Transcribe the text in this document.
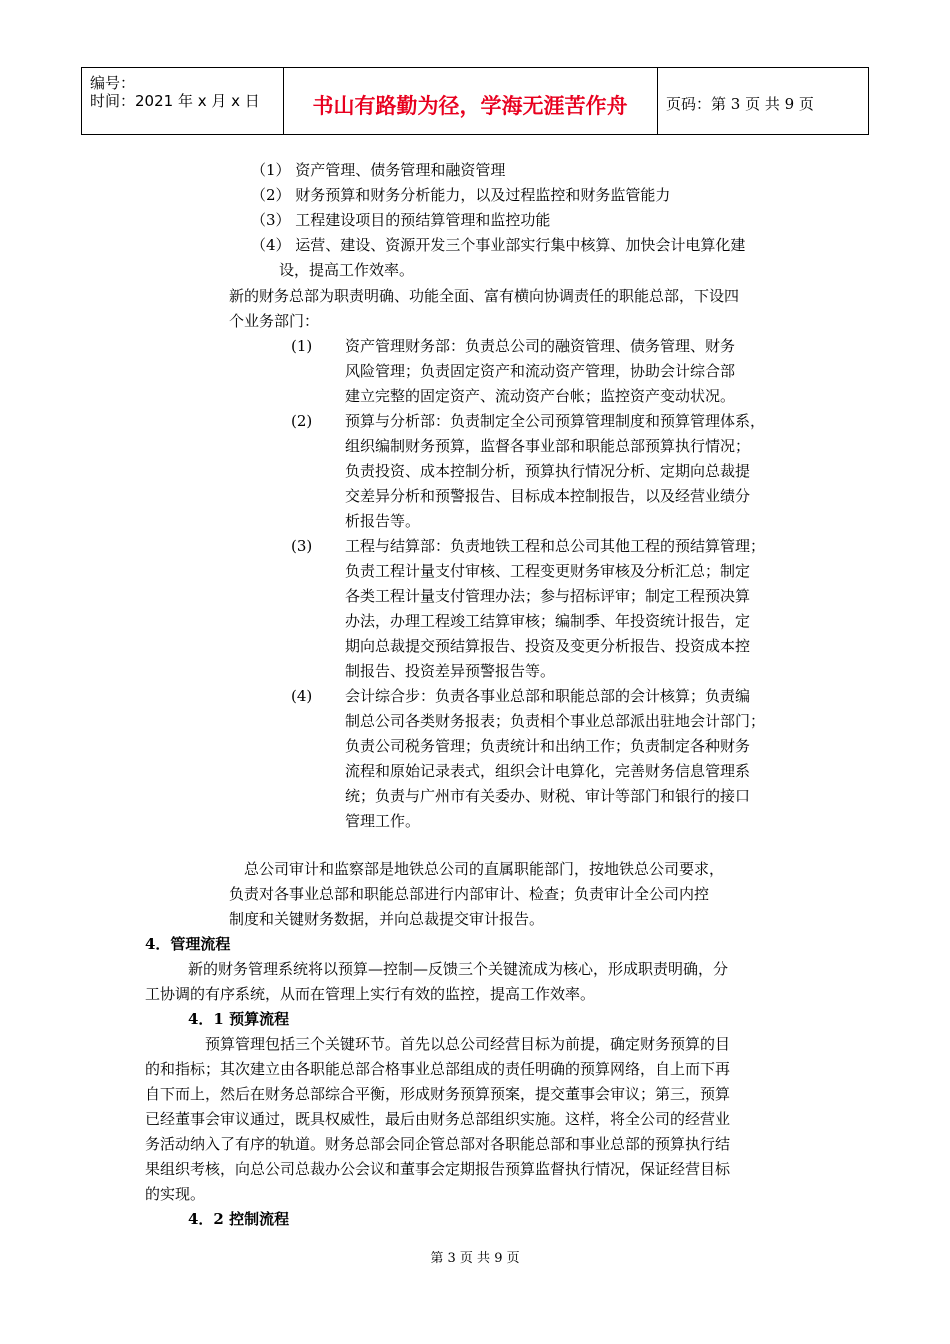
编号：
时间：2021 年 x 月 x 日	书山有路勤为径，学海无涯苦作舟	页码：第 3 页 共 9 页
（1） 资产管理、债务管理和融资管理
（2） 财务预算和财务分析能力，以及过程监控和财务监管能力
（3） 工程建设项目的预结算管理和监控功能
（4） 运营、建设、资源开发三个事业部实行集中核算、加快会计电算化建
设，提高工作效率。
新的财务总部为职责明确、功能全面、富有横向协调责任的职能总部，下设四
个业务部门：
(1) 资产管理财务部：负责总公司的融资管理、债务管理、财务
风险管理；负责固定资产和流动资产管理，协助会计综合部
建立完整的固定资产、流动资产台帐；监控资产变动状况。
(2) 预算与分析部：负责制定全公司预算管理制度和预算管理体系，
组织编制财务预算，监督各事业部和职能总部预算执行情况；
负责投资、成本控制分析，预算执行情况分析、定期向总裁提
交差异分析和预警报告、目标成本控制报告，以及经营业绩分
析报告等。
(3) 工程与结算部：负责地铁工程和总公司其他工程的预结算管理；
负责工程计量支付审核、工程变更财务审核及分析汇总；制定
各类工程计量支付管理办法；参与招标评审；制定工程预决算
办法，办理工程竣工结算审核；编制季、年投资统计报告，定
期向总裁提交预结算报告、投资及变更分析报告、投资成本控
制报告、投资差异预警报告等。
(4) 会计综合步：负责各事业总部和职能总部的会计核算；负责编
制总公司各类财务报表；负责相个事业总部派出驻地会计部门；
负责公司税务管理；负责统计和出纳工作；负责制定各种财务
流程和原始记录表式，组织会计电算化，完善财务信息管理系
统；负责与广州市有关委办、财税、审计等部门和银行的接口
管理工作。
总公司审计和监察部是地铁总公司的直属职能部门，按地铁总公司要求，
负责对各事业总部和职能总部进行内部审计、检查；负责审计全公司内控
制度和关键财务数据，并向总裁提交审计报告。
4．管理流程
新的财务管理系统将以预算—控制—反馈三个关键流成为核心，形成职责明确，分
工协调的有序系统，从而在管理上实行有效的监控，提高工作效率。
4．1 预算流程
预算管理包括三个关键环节。首先以总公司经营目标为前提，确定财务预算的目
的和指标；其次建立由各职能总部合格事业总部组成的责任明确的预算网络，自上而下再
自下而上，然后在财务总部综合平衡，形成财务预算预案，提交董事会审议；第三，预算
已经董事会审议通过，既具权威性，最后由财务总部组织实施。这样，将全公司的经营业
务活动纳入了有序的轨道。财务总部会同企管总部对各职能总部和事业总部的预算执行结
果组织考核，向总公司总裁办公会议和董事会定期报告预算监督执行情况，保证经营目标
的实现。
4．2 控制流程
第 3 页 共 9 页
